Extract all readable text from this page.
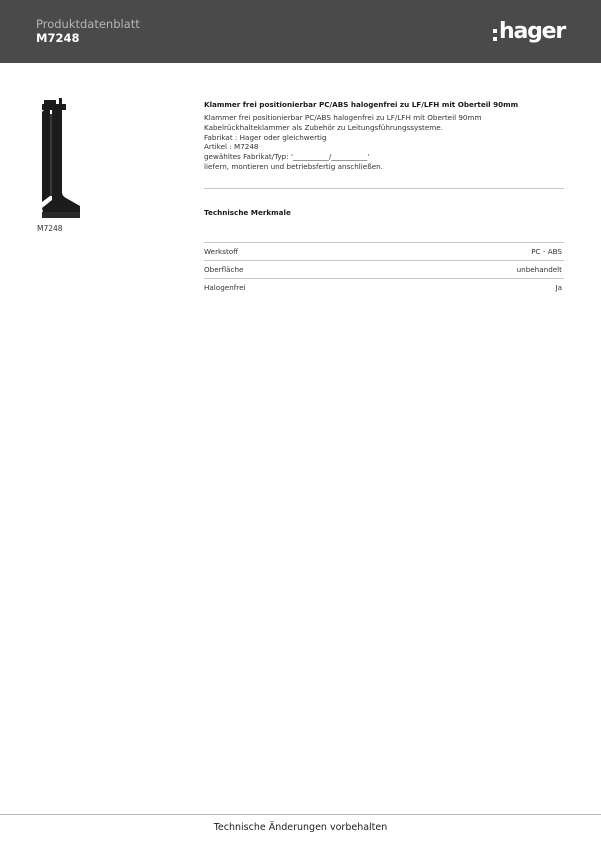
Produktdatenblatt
M7248	hager
M7248
Klammer frei positionierbar PC/ABS halogenfrei zu LF/LFH mit Oberteil 90mm
Klammer frei positionierbar PC/ABS halogenfrei zu LF/LFH mit Oberteil 90mm
Kabelrückhalteklammer als Zubehör zu Leitungsführungssysteme.
Fabrikat : Hager oder gleichwertig
Artikel : M7248
gewähltes Fabrikat/Typ: '__________/__________'
liefern, montieren und betriebsfertig anschließen.
Technische Merkmale
Werkstoff	PC - ABS
Oberfläche	unbehandelt
Halogenfrei	Ja
Technische Änderungen vorbehalten
